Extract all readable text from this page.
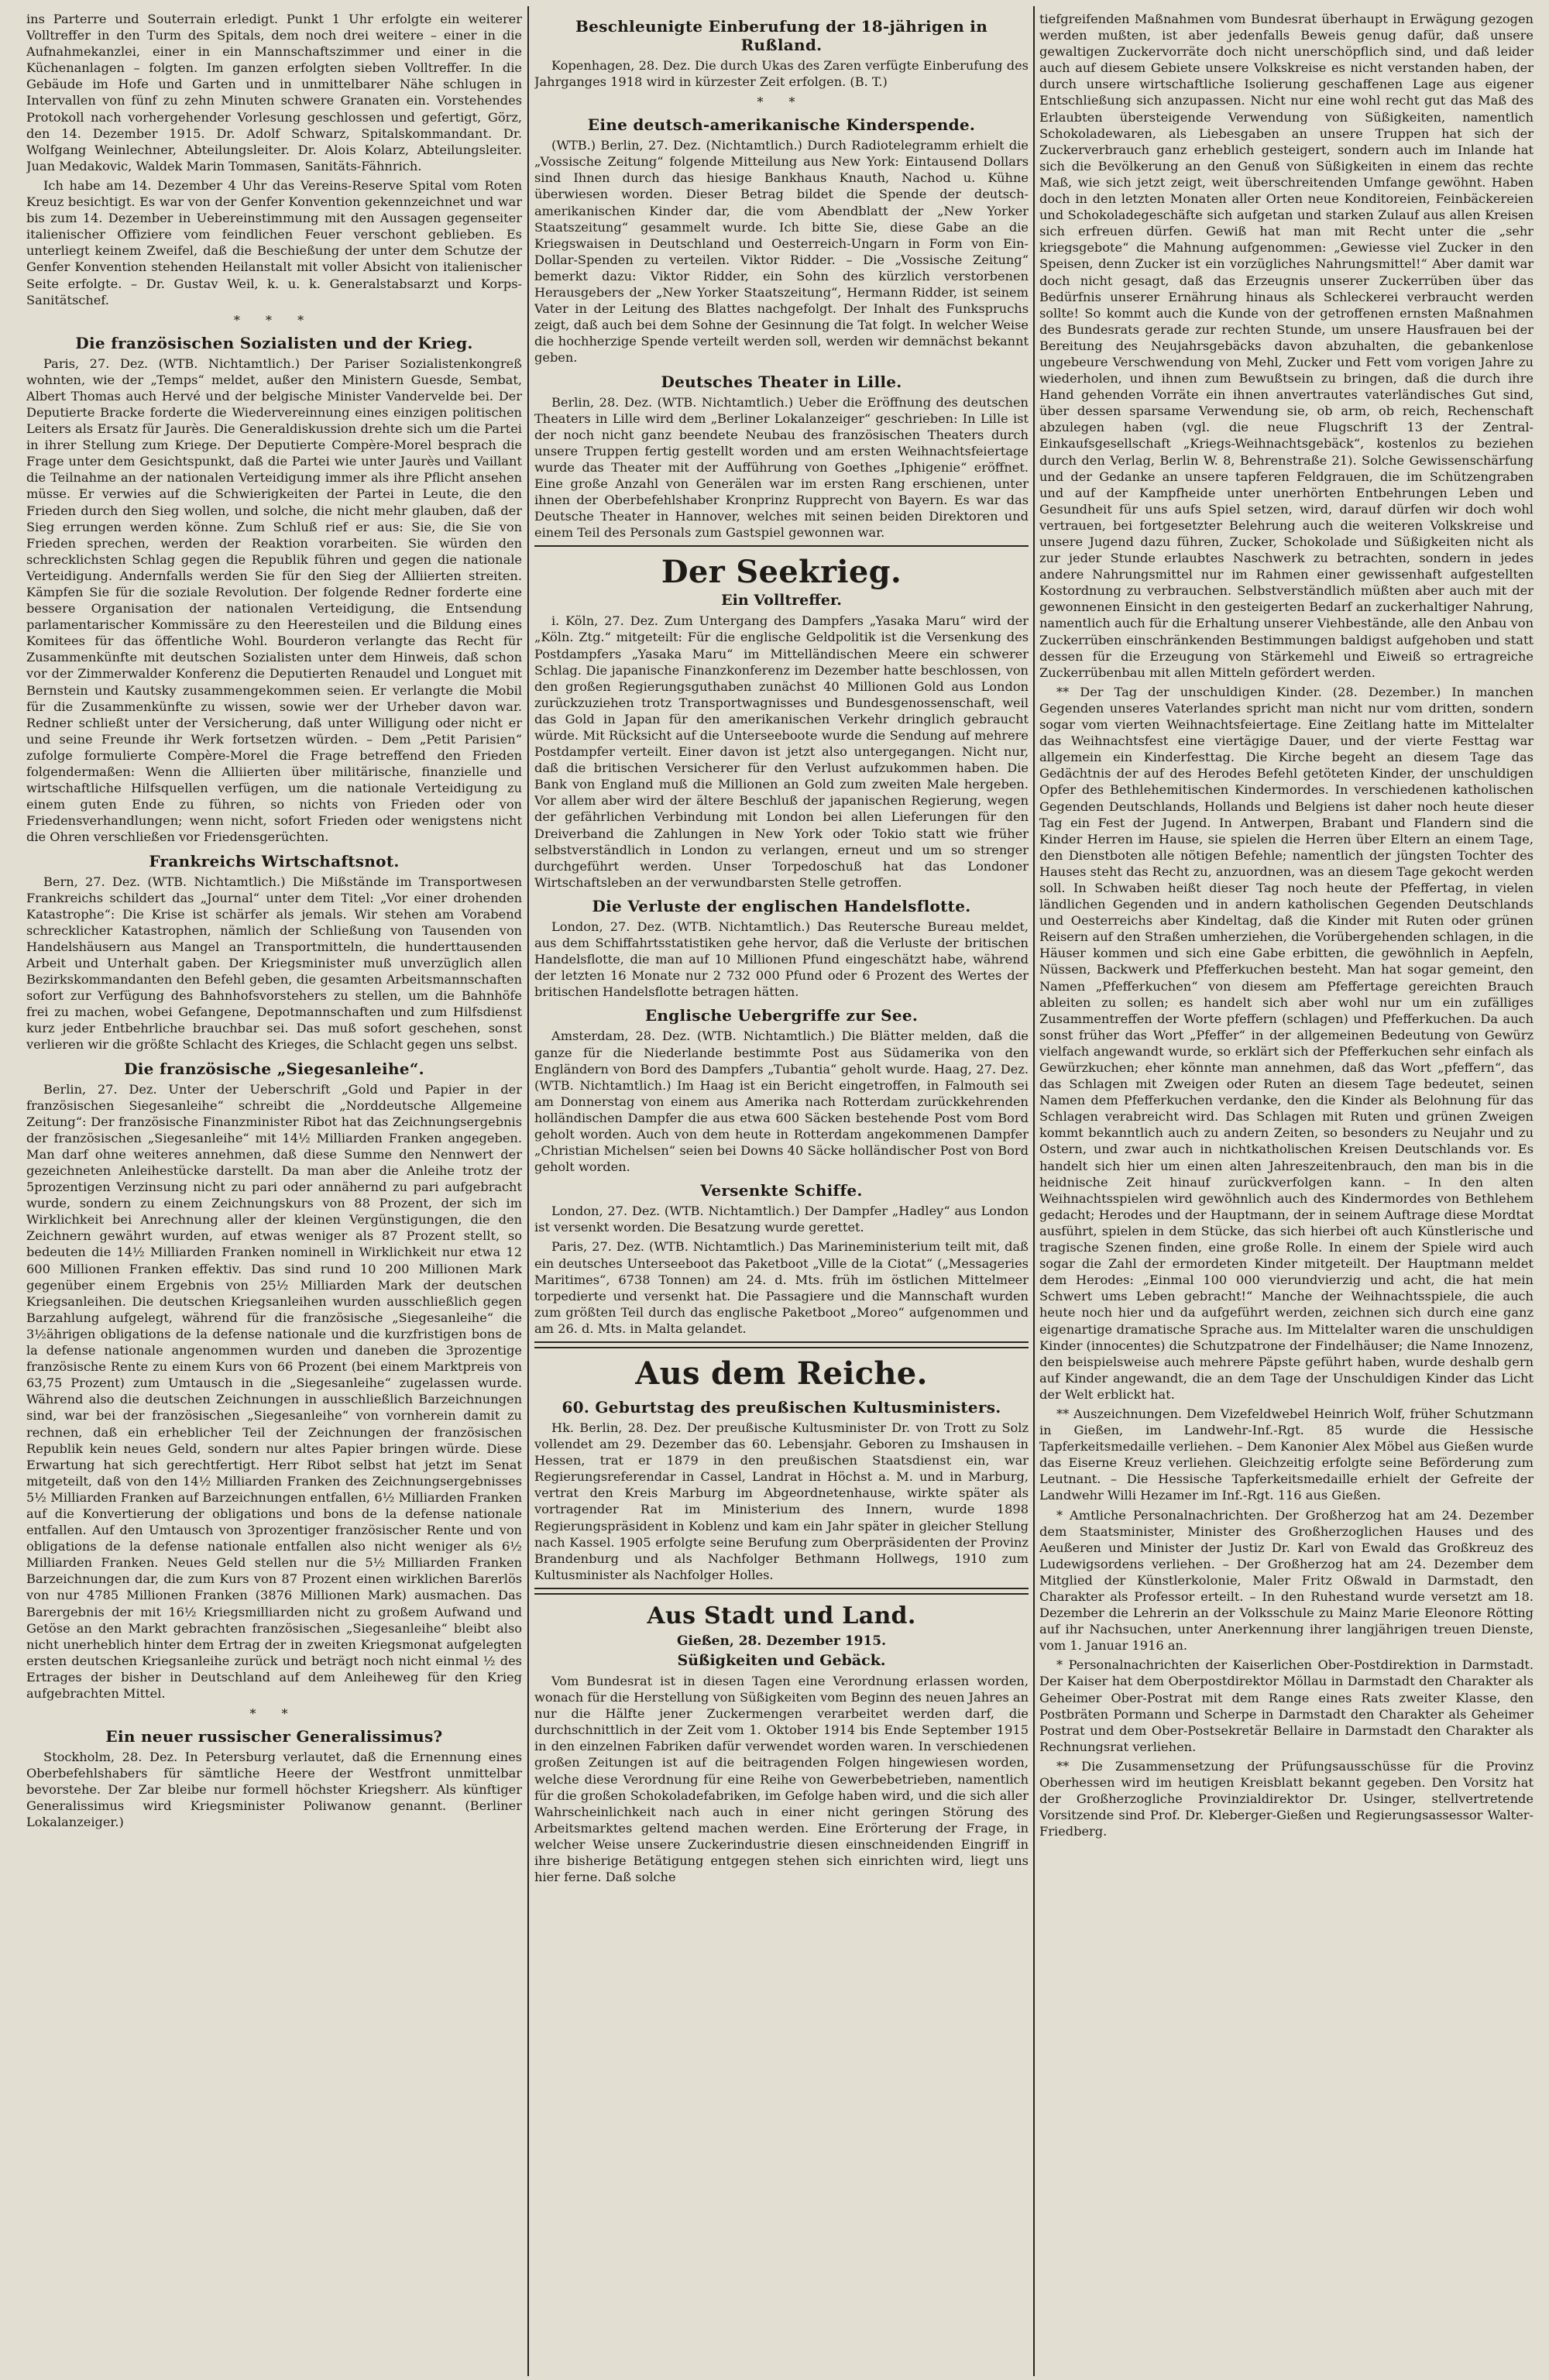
ins Parterre und Souterrain erledigt. Punkt 1 Uhr erfolgte ein weiterer Volltreffer in den Turm des Spitals, dem noch drei weitere – einer in die Aufnahmekanzlei, einer in ein Mannschaftszimmer und einer in die Küchenanlagen – folgten. Im ganzen erfolgten sieben Volltreffer. In die Gebäude im Hofe und Garten und in unmittelbarer Nähe schlugen in Intervallen von fünf zu zehn Minuten schwere Granaten ein. Vorstehendes Protokoll nach vorhergehender Vorlesung geschlossen und gefertigt, Görz, den 14. Dezember 1915. Dr. Adolf Schwarz, Spitalskommandant. Dr. Wolfgang Weinlechner, Abteilungsleiter. Dr. Alois Kolarz, Abteilungsleiter. Juan Medakovic, Waldek Marin Tommasen, Sanitäts-Fähnrich.

Ich habe am 14. Dezember 4 Uhr das Vereins-Reserve Spital vom Roten Kreuz besichtigt. Es war von der Genfer Konvention gekennzeichnet und war bis zum 14. Dezember in Uebereinstimmung mit den Aussagen gegenseiter italienischer Offiziere vom feindlichen Feuer verschont geblieben. Es unterliegt keinem Zweifel, daß die Beschießung der unter dem Schutze der Genfer Konvention stehenden Heilanstalt mit voller Absicht von italienischer Seite erfolgte. – Dr. Gustav Weil, k. u. k. Generalstabsarzt und Korps-Sanitätschef.

* * *
Die französischen Sozialisten und der Krieg.

Paris, 27. Dez. (WTB. Nichtamtlich.) Der Pariser Sozialistenkongreß wohnten, wie der „Temps“ meldet, außer den Ministern Guesde, Sembat, Albert Thomas auch Hervé und der belgische Minister Vandervelde bei. Der Deputierte Bracke forderte die Wiedervereinnung eines einzigen politischen Leiters als Ersatz für Jaurès. Die Generaldiskussion drehte sich um die Partei in ihrer Stellung zum Kriege. Der Deputierte Compère-Morel besprach die Frage unter dem Gesichtspunkt, daß die Partei wie unter Jaurès und Vaillant die Teilnahme an der nationalen Verteidigung immer als ihre Pflicht ansehen müsse. Er verwies auf die Schwierigkeiten der Partei in Leute, die den Frieden durch den Sieg wollen, und solche, die nicht mehr glauben, daß der Sieg errungen werden könne. Zum Schluß rief er aus: Sie, die Sie von Frieden sprechen, werden der Reaktion vorarbeiten. Sie würden den schrecklichsten Schlag gegen die Republik führen und gegen die nationale Verteidigung. Andernfalls werden Sie für den Sieg der Alliierten streiten. Kämpfen Sie für die soziale Revolution. Der folgende Redner forderte eine bessere Organisation der nationalen Verteidigung, die Entsendung parlamentarischer Kommissäre zu den Heeresteilen und die Bildung eines Komitees für das öffentliche Wohl. Bourderon verlangte das Recht für Zusammenkünfte mit deutschen Sozialisten unter dem Hinweis, daß schon vor der Zimmerwalder Konferenz die Deputierten Renaudel und Longuet mit Bernstein und Kautsky zusammengekommen seien. Er verlangte die Mobil für die Zusammenkünfte zu wissen, sowie wer der Urheber davon war. Redner schließt unter der Versicherung, daß unter Willigung oder nicht er und seine Freunde ihr Werk fortsetzen würden. – Dem „Petit Parisien“ zufolge formulierte Compère-Morel die Frage betreffend den Frieden folgendermaßen: Wenn die Alliierten über militärische, finanzielle und wirtschaftliche Hilfsquellen verfügen, um die nationale Verteidigung zu einem guten Ende zu führen, so nichts von Frieden oder von Friedensverhandlungen; wenn nicht, sofort Frieden oder wenigstens nicht die Ohren verschließen vor Friedensgerüchten.

Frankreichs Wirtschaftsnot.

Bern, 27. Dez. (WTB. Nichtamtlich.) Die Mißstände im Transportwesen Frankreichs schildert das „Journal“ unter dem Titel: „Vor einer drohenden Katastrophe“: Die Krise ist schärfer als jemals. Wir stehen am Vorabend schrecklicher Katastrophen, nämlich der Schließung von Tausenden von Handelshäusern aus Mangel an Transportmitteln, die hunderttausenden Arbeit und Unterhalt gaben. Der Kriegsminister muß unverzüglich allen Bezirkskommandanten den Befehl geben, die gesamten Arbeitsmannschaften sofort zur Verfügung des Bahnhofsvorstehers zu stellen, um die Bahnhöfe frei zu machen, wobei Gefangene, Depotmannschaften und zum Hilfsdienst kurz jeder Entbehrliche brauchbar sei. Das muß sofort geschehen, sonst verlieren wir die größte Schlacht des Krieges, die Schlacht gegen uns selbst.

Die französische „Siegesanleihe“.

Berlin, 27. Dez. Unter der Ueberschrift „Gold und Papier in der französischen Siegesanleihe“ schreibt die „Norddeutsche Allgemeine Zeitung“: Der französische Finanzminister Ribot hat das Zeichnungsergebnis der französischen „Siegesanleihe“ mit 14½ Milliarden Franken angegeben. Man darf ohne weiteres annehmen, daß diese Summe den Nennwert der gezeichneten Anleihestücke darstellt. Da man aber die Anleihe trotz der 5prozentigen Verzinsung nicht zu pari oder annähernd zu pari aufgebracht wurde, sondern zu einem Zeichnungskurs von 88 Prozent, der sich im Wirklichkeit bei Anrechnung aller der kleinen Vergünstigungen, die den Zeichnern gewährt wurden, auf etwas weniger als 87 Prozent stellt, so bedeuten die 14½ Milliarden Franken nominell in Wirklichkeit nur etwa 12 600 Millionen Franken effektiv. Das sind rund 10 200 Millionen Mark gegenüber einem Ergebnis von 25½ Milliarden Mark der deutschen Kriegsanleihen. Die deutschen Kriegsanleihen wurden ausschließlich gegen Barzahlung aufgelegt, während für die französische „Siegesanleihe“ die 3½ährigen obligations de la defense nationale und die kurzfristigen bons de la defense nationale angenommen wurden und daneben die 3prozentige französische Rente zu einem Kurs von 66 Prozent (bei einem Marktpreis von 63,75 Prozent) zum Umtausch in die „Siegesanleihe“ zugelassen wurde. Während also die deutschen Zeichnungen in ausschließlich Barzeichnungen sind, war bei der französischen „Siegesanleihe“ von vornherein damit zu rechnen, daß ein erheblicher Teil der Zeichnungen der französischen Republik kein neues Geld, sondern nur altes Papier bringen würde. Diese Erwartung hat sich gerechtfertigt. Herr Ribot selbst hat jetzt im Senat mitgeteilt, daß von den 14½ Milliarden Franken des Zeichnungsergebnisses 5½ Milliarden Franken auf Barzeichnungen entfallen, 6½ Milliarden Franken auf die Konvertierung der obligations und bons de la defense nationale entfallen. Auf den Umtausch von 3prozentiger französischer Rente und von obligations de la defense nationale entfallen also nicht weniger als 6½ Milliarden Franken. Neues Geld stellen nur die 5½ Milliarden Franken Barzeichnungen dar, die zum Kurs von 87 Prozent einen wirklichen Barerlös von nur 4785 Millionen Franken (3876 Millionen Mark) ausmachen. Das Barergebnis der mit 16½ Kriegsmilliarden nicht zu großem Aufwand und Getöse an den Markt gebrachten französischen „Siegesanleihe“ bleibt also nicht unerheblich hinter dem Ertrag der in zweiten Kriegsmonat aufgelegten ersten deutschen Kriegsanleihe zurück und beträgt noch nicht einmal ½ des Ertrages der bisher in Deutschland auf dem Anleiheweg für den Krieg aufgebrachten Mittel.

* *
Ein neuer russischer Generalissimus?

Stockholm, 28. Dez. In Petersburg verlautet, daß die Ernennung eines Oberbefehlshabers für sämtliche Heere der Westfront unmittelbar bevorstehe. Der Zar bleibe nur formell höchster Kriegsherr. Als künftiger Generalissimus wird Kriegsminister Poliwanow genannt. (Berliner Lokalanzeiger.)

Beschleunigte Einberufung der 18-jährigen in Rußland.

Kopenhagen, 28. Dez. Die durch Ukas des Zaren verfügte Einberufung des Jahrganges 1918 wird in kürzester Zeit erfolgen. (B. T.)

* *
Eine deutsch-amerikanische Kinderspende.

(WTB.) Berlin, 27. Dez. (Nichtamtlich.) Durch Radiotelegramm erhielt die „Vossische Zeitung“ folgende Mitteilung aus New York: Eintausend Dollars sind Ihnen durch das hiesige Bankhaus Knauth, Nachod u. Kühne überwiesen worden. Dieser Betrag bildet die Spende der deutsch-amerikanischen Kinder dar, die vom Abendblatt der „New Yorker Staatszeitung“ gesammelt wurde. Ich bitte Sie, diese Gabe an die Kriegswaisen in Deutschland und Oesterreich-Ungarn in Form von Ein-Dollar-Spenden zu verteilen. Viktor Ridder. – Die „Vossische Zeitung“ bemerkt dazu: Viktor Ridder, ein Sohn des kürzlich verstorbenen Herausgebers der „New Yorker Staatszeitung“, Hermann Ridder, ist seinem Vater in der Leitung des Blattes nachgefolgt. Der Inhalt des Funkspruchs zeigt, daß auch bei dem Sohne der Gesinnung die Tat folgt. In welcher Weise die hochherzige Spende verteilt werden soll, werden wir demnächst bekannt geben.

Deutsches Theater in Lille.

Berlin, 28. Dez. (WTB. Nichtamtlich.) Ueber die Eröffnung des deutschen Theaters in Lille wird dem „Berliner Lokalanzeiger“ geschrieben: In Lille ist der noch nicht ganz beendete Neubau des französischen Theaters durch unsere Truppen fertig gestellt worden und am ersten Weihnachtsfeiertage wurde das Theater mit der Aufführung von Goethes „Iphigenie“ eröffnet. Eine große Anzahl von Generälen war im ersten Rang erschienen, unter ihnen der Oberbefehlshaber Kronprinz Rupprecht von Bayern. Es war das Deutsche Theater in Hannover, welches mit seinen beiden Direktoren und einem Teil des Personals zum Gastspiel gewonnen war.

Der Seekrieg.
Ein Volltreffer.

i. Köln, 27. Dez. Zum Untergang des Dampfers „Yasaka Maru“ wird der „Köln. Ztg.“ mitgeteilt: Für die englische Geldpolitik ist die Versenkung des Postdampfers „Yasaka Maru“ im Mittelländischen Meere ein schwerer Schlag. Die japanische Finanzkonferenz im Dezember hatte beschlossen, von den großen Regierungsguthaben zunächst 40 Millionen Gold aus London zurückzuziehen trotz Transportwagnisses und Bundesgenossenschaft, weil das Gold in Japan für den amerikanischen Verkehr dringlich gebraucht würde. Mit Rücksicht auf die Unterseeboote wurde die Sendung auf mehrere Postdampfer verteilt. Einer davon ist jetzt also untergegangen. Nicht nur, daß die britischen Versicherer für den Verlust aufzukommen haben. Die Bank von England muß die Millionen an Gold zum zweiten Male hergeben. Vor allem aber wird der ältere Beschluß der japanischen Regierung, wegen der gefährlichen Verbindung mit London bei allen Lieferungen für den Dreiverband die Zahlungen in New York oder Tokio statt wie früher selbstverständlich in London zu verlangen, erneut und um so strenger durchgeführt werden. Unser Torpedoschuß hat das Londoner Wirtschaftsleben an der verwundbarsten Stelle getroffen.

Die Verluste der englischen Handelsflotte.

London, 27. Dez. (WTB. Nichtamtlich.) Das Reutersche Bureau meldet, aus dem Schiffahrtsstatistiken gehe hervor, daß die Verluste der britischen Handelsflotte, die man auf 10 Millionen Pfund eingeschätzt habe, während der letzten 16 Monate nur 2 732 000 Pfund oder 6 Prozent des Wertes der britischen Handelsflotte betragen hätten.

Englische Uebergriffe zur See.

Amsterdam, 28. Dez. (WTB. Nichtamtlich.) Die Blätter melden, daß die ganze für die Niederlande bestimmte Post aus Südamerika von den Engländern von Bord des Dampfers „Tubantia“ geholt wurde. Haag, 27. Dez. (WTB. Nichtamtlich.) Im Haag ist ein Bericht eingetroffen, in Falmouth sei am Donnerstag von einem aus Amerika nach Rotterdam zurückkehrenden holländischen Dampfer die aus etwa 600 Säcken bestehende Post vom Bord geholt worden. Auch von dem heute in Rotterdam angekommenen Dampfer „Christian Michelsen“ seien bei Downs 40 Säcke holländischer Post von Bord geholt worden.

Versenkte Schiffe.

London, 27. Dez. (WTB. Nichtamtlich.) Der Dampfer „Hadley“ aus London ist versenkt worden. Die Besatzung wurde gerettet.

Paris, 27. Dez. (WTB. Nichtamtlich.) Das Marineministerium teilt mit, daß ein deutsches Unterseeboot das Paketboot „Ville de la Ciotat“ („Messageries Maritimes“, 6738 Tonnen) am 24. d. Mts. früh im östlichen Mittelmeer torpedierte und versenkt hat. Die Passagiere und die Mannschaft wurden zum größten Teil durch das englische Paketboot „Moreo“ aufgenommen und am 26. d. Mts. in Malta gelandet.

Aus dem Reiche.
60. Geburtstag des preußischen Kultusministers.

Hk. Berlin, 28. Dez. Der preußische Kultusminister Dr. von Trott zu Solz vollendet am 29. Dezember das 60. Lebensjahr. Geboren zu Imshausen in Hessen, trat er 1879 in den preußischen Staatsdienst ein, war Regierungsreferendar in Cassel, Landrat in Höchst a. M. und in Marburg, vertrat den Kreis Marburg im Abgeordnetenhause, wirkte später als vortragender Rat im Ministerium des Innern, wurde 1898 Regierungspräsident in Koblenz und kam ein Jahr später in gleicher Stellung nach Kassel. 1905 erfolgte seine Berufung zum Oberpräsidenten der Provinz Brandenburg und als Nachfolger Bethmann Hollwegs, 1910 zum Kultusminister als Nachfolger Holles.

Aus Stadt und Land.
Gießen, 28. Dezember 1915.
Süßigkeiten und Gebäck.

Vom Bundesrat ist in diesen Tagen eine Verordnung erlassen worden, wonach für die Herstellung von Süßigkeiten vom Beginn des neuen Jahres an nur die Hälfte jener Zuckermengen verarbeitet werden darf, die durchschnittlich in der Zeit vom 1. Oktober 1914 bis Ende September 1915 in den einzelnen Fabriken dafür verwendet worden waren. In verschiedenen großen Zeitungen ist auf die beitragenden Folgen hingewiesen worden, welche diese Verordnung für eine Reihe von Gewerbebetrieben, namentlich für die großen Schokoladefabriken, im Gefolge haben wird, und die sich aller Wahrscheinlichkeit nach auch in einer nicht geringen Störung des Arbeitsmarktes geltend machen werden. Eine Erörterung der Frage, in welcher Weise unsere Zuckerindustrie diesen einschneidenden Eingriff in ihre bisherige Betätigung entgegen stehen sich einrichten wird, liegt uns hier ferne. Daß solche

tiefgreifenden Maßnahmen vom Bundesrat überhaupt in Erwägung gezogen werden mußten, ist aber jedenfalls Beweis genug dafür, daß unsere gewaltigen Zuckervorräte doch nicht unerschöpflich sind, und daß leider auch auf diesem Gebiete unsere Volkskreise es nicht verstanden haben, der durch unsere wirtschaftliche Isolierung geschaffenen Lage aus eigener Entschließung sich anzupassen. Nicht nur eine wohl recht gut das Maß des Erlaubten übersteigende Verwendung von Süßigkeiten, namentlich Schokoladewaren, als Liebesgaben an unsere Truppen hat sich der Zuckerverbrauch ganz erheblich gesteigert, sondern auch im Inlande hat sich die Bevölkerung an den Genuß von Süßigkeiten in einem das rechte Maß, wie sich jetzt zeigt, weit überschreitenden Umfange gewöhnt. Haben doch in den letzten Monaten aller Orten neue Konditoreien, Feinbäckereien und Schokoladegeschäfte sich aufgetan und starken Zulauf aus allen Kreisen sich erfreuen dürfen. Gewiß hat man mit Recht unter die „sehr kriegsgebote“ die Mahnung aufgenommen: „Gewiesse viel Zucker in den Speisen, denn Zucker ist ein vorzügliches Nahrungsmittel!“ Aber damit war doch nicht gesagt, daß das Erzeugnis unserer Zuckerrüben über das Bedürfnis unserer Ernährung hinaus als Schleckerei verbraucht werden sollte! So kommt auch die Kunde von der getroffenen ernsten Maßnahmen des Bundesrats gerade zur rechten Stunde, um unsere Hausfrauen bei der Bereitung des Neujahrsgebäcks davon abzuhalten, die gebankenlose ungebeure Verschwendung von Mehl, Zucker und Fett vom vorigen Jahre zu wiederholen, und ihnen zum Bewußtsein zu bringen, daß die durch ihre Hand gehenden Vorräte ein ihnen anvertrautes vaterländisches Gut sind, über dessen sparsame Verwendung sie, ob arm, ob reich, Rechenschaft abzulegen haben (vgl. die neue Flugschrift 13 der Zentral-Einkaufsgesellschaft „Kriegs-Weihnachtsgebäck“, kostenlos zu beziehen durch den Verlag, Berlin W. 8, Behrenstraße 21). Solche Gewissenschärfung und der Gedanke an unsere tapferen Feldgrauen, die im Schützengraben und auf der Kampfheide unter unerhörten Entbehrungen Leben und Gesundheit für uns aufs Spiel setzen, wird, darauf dürfen wir doch wohl vertrauen, bei fortgesetzter Belehrung auch die weiteren Volkskreise und unsere Jugend dazu führen, Zucker, Schokolade und Süßigkeiten nicht als zur jeder Stunde erlaubtes Naschwerk zu betrachten, sondern in jedes andere Nahrungsmittel nur im Rahmen einer gewissenhaft aufgestellten Kostordnung zu verbrauchen. Selbstverständlich müßten aber auch mit der gewonnenen Einsicht in den gesteigerten Bedarf an zuckerhaltiger Nahrung, namentlich auch für die Erhaltung unserer Viehbestände, alle den Anbau von Zuckerrüben einschränkenden Bestimmungen baldigst aufgehoben und statt dessen für die Erzeugung von Stärkemehl und Eiweiß so ertragreiche Zuckerrübenbau mit allen Mitteln gefördert werden.

** Der Tag der unschuldigen Kinder. (28. Dezember.) In manchen Gegenden unseres Vaterlandes spricht man nicht nur vom dritten, sondern sogar vom vierten Weihnachtsfeiertage. Eine Zeitlang hatte im Mittelalter das Weihnachtsfest eine viertägige Dauer, und der vierte Festtag war allgemein ein Kinderfesttag. Die Kirche begeht an diesem Tage das Gedächtnis der auf des Herodes Befehl getöteten Kinder, der unschuldigen Opfer des Bethlehemitischen Kindermordes. In verschiedenen katholischen Gegenden Deutschlands, Hollands und Belgiens ist daher noch heute dieser Tag ein Fest der Jugend. In Antwerpen, Brabant und Flandern sind die Kinder Herren im Hause, sie spielen die Herren über Eltern an einem Tage, den Dienstboten alle nötigen Befehle; namentlich der jüngsten Tochter des Hauses steht das Recht zu, anzuordnen, was an diesem Tage gekocht werden soll. In Schwaben heißt dieser Tag noch heute der Pfeffertag, in vielen ländlichen Gegenden und in andern katholischen Gegenden Deutschlands und Oesterreichs aber Kindeltag, daß die Kinder mit Ruten oder grünen Reisern auf den Straßen umherziehen, die Vorübergehenden schlagen, in die Häuser kommen und sich eine Gabe erbitten, die gewöhnlich in Aepfeln, Nüssen, Backwerk und Pfefferkuchen besteht. Man hat sogar gemeint, den Namen „Pfefferkuchen“ von diesem am Pfeffertage gereichten Brauch ableiten zu sollen; es handelt sich aber wohl nur um ein zufälliges Zusammentreffen der Worte pfeffern (schlagen) und Pfefferkuchen. Da auch sonst früher das Wort „Pfeffer“ in der allgemeinen Bedeutung von Gewürz vielfach angewandt wurde, so erklärt sich der Pfefferkuchen sehr einfach als Gewürzkuchen; eher könnte man annehmen, daß das Wort „pfeffern“, das das Schlagen mit Zweigen oder Ruten an diesem Tage bedeutet, seinen Namen dem Pfefferkuchen verdanke, den die Kinder als Belohnung für das Schlagen verabreicht wird. Das Schlagen mit Ruten und grünen Zweigen kommt bekanntlich auch zu andern Zeiten, so besonders zu Neujahr und zu Ostern, und zwar auch in nichtkatholischen Kreisen Deutschlands vor. Es handelt sich hier um einen alten Jahreszeitenbrauch, den man bis in die heidnische Zeit hinauf zurückverfolgen kann. – In den alten Weihnachtsspielen wird gewöhnlich auch des Kindermordes von Bethlehem gedacht; Herodes und der Hauptmann, der in seinem Auftrage diese Mordtat ausführt, spielen in dem Stücke, das sich hierbei oft auch Künstlerische und tragische Szenen finden, eine große Rolle. In einem der Spiele wird auch sogar die Zahl der ermordeten Kinder mitgeteilt. Der Hauptmann meldet dem Herodes: „Einmal 100 000 vierundvierzig und acht, die hat mein Schwert ums Leben gebracht!“ Manche der Weihnachtsspiele, die auch heute noch hier und da aufgeführt werden, zeichnen sich durch eine ganz eigenartige dramatische Sprache aus. Im Mittelalter waren die unschuldigen Kinder (innocentes) die Schutzpatrone der Findelhäuser; die Name Innozenz, den beispielsweise auch mehrere Päpste geführt haben, wurde deshalb gern auf Kinder angewandt, die an dem Tage der Unschuldigen Kinder das Licht der Welt erblickt hat.

** Auszeichnungen. Dem Vizefeldwebel Heinrich Wolf, früher Schutzmann in Gießen, im Landwehr-Inf.-Rgt. 85 wurde die Hessische Tapferkeitsmedaille verliehen. – Dem Kanonier Alex Möbel aus Gießen wurde das Eiserne Kreuz verliehen. Gleichzeitig erfolgte seine Beförderung zum Leutnant. – Die Hessische Tapferkeitsmedaille erhielt der Gefreite der Landwehr Willi Hezamer im Inf.-Rgt. 116 aus Gießen.

* Amtliche Personalnachrichten. Der Großherzog hat am 24. Dezember dem Staatsminister, Minister des Großherzoglichen Hauses und des Aeußeren und Minister der Justiz Dr. Karl von Ewald das Großkreuz des Ludewigsordens verliehen. – Der Großherzog hat am 24. Dezember dem Mitglied der Künstlerkolonie, Maler Fritz Oßwald in Darmstadt, den Charakter als Professor erteilt. – In den Ruhestand wurde versetzt am 18. Dezember die Lehrerin an der Volksschule zu Mainz Marie Eleonore Rötting auf ihr Nachsuchen, unter Anerkennung ihrer langjährigen treuen Dienste, vom 1. Januar 1916 an.

* Personalnachrichten der Kaiserlichen Ober-Postdirektion in Darmstadt. Der Kaiser hat dem Oberpostdirektor Möllau in Darmstadt den Charakter als Geheimer Ober-Postrat mit dem Range eines Rats zweiter Klasse, den Postbräten Pormann und Scherpe in Darmstadt den Charakter als Geheimer Postrat und dem Ober-Postsekretär Bellaire in Darmstadt den Charakter als Rechnungsrat verliehen.

** Die Zusammensetzung der Prüfungsausschüsse für die Provinz Oberhessen wird im heutigen Kreisblatt bekannt gegeben. Den Vorsitz hat der Großherzogliche Provinzialdirektor Dr. Usinger, stellvertretende Vorsitzende sind Prof. Dr. Kleberger-Gießen und Regierungsassessor Walter-Friedberg.
